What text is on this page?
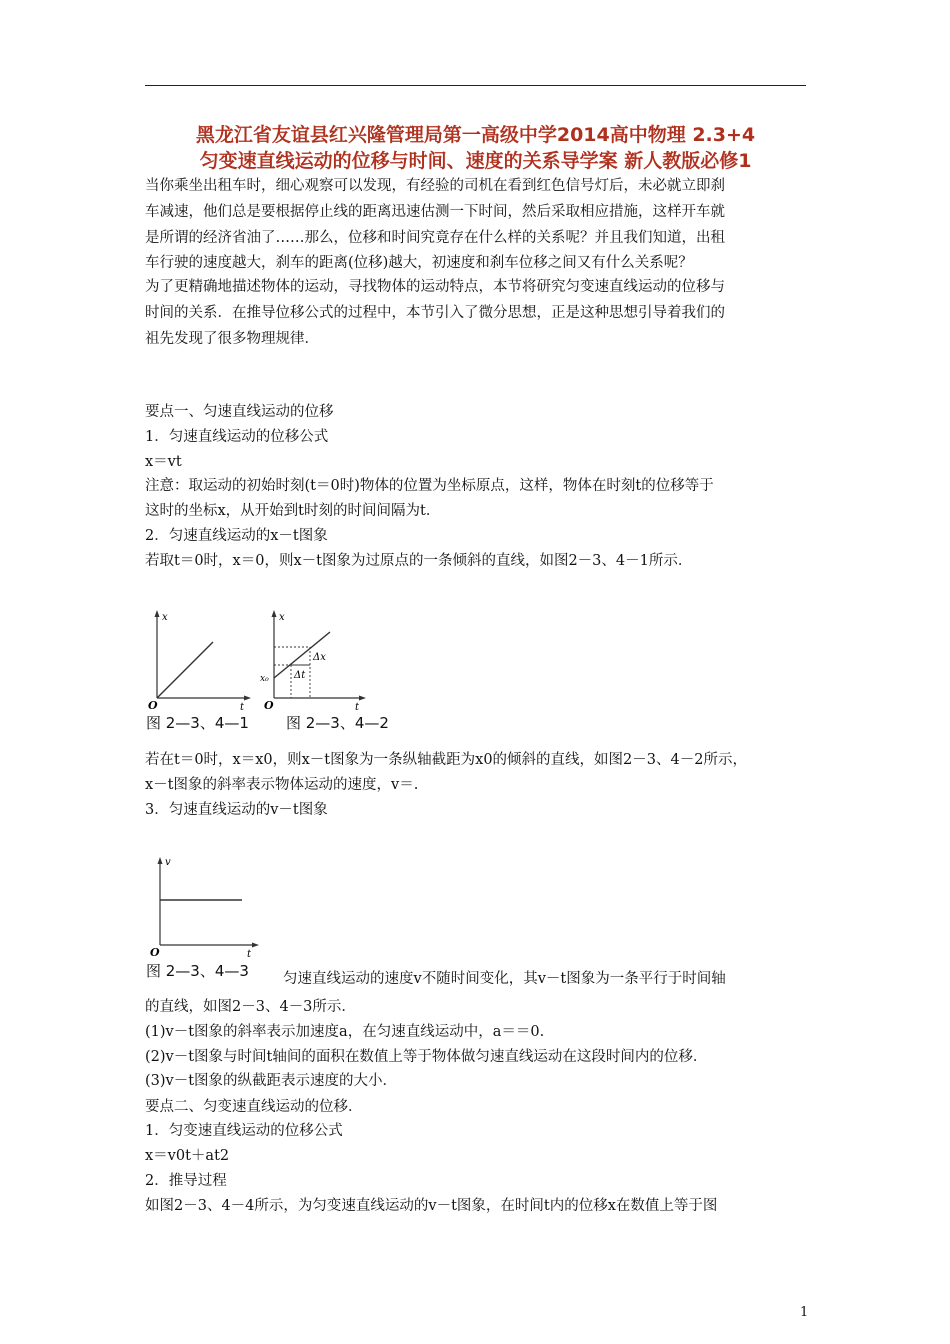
黑龙江省友谊县红兴隆管理局第一高级中学2014高中物理 2.3+4
匀变速直线运动的位移与时间、速度的关系导学案 新人教版必修1
当你乘坐出租车时，细心观察可以发现，有经验的司机在看到红色信号灯后，未必就立即刹
车减速，他们总是要根据停止线的距离迅速估测一下时间，然后采取相应措施，这样开车就
是所谓的经济省油了……那么，位移和时间究竟存在什么样的关系呢？并且我们知道，出租
车行驶的速度越大，刹车的距离(位移)越大，初速度和刹车位移之间又有什么关系呢？
为了更精确地描述物体的运动，寻找物体的运动特点，本节将研究匀变速直线运动的位移与
时间的关系．在推导位移公式的过程中，本节引入了微分思想，正是这种思想引导着我们的
祖先发现了很多物理规律．
要点一、匀速直线运动的位移
1．匀速直线运动的位移公式
x＝vt
注意：取运动的初始时刻(t＝0时)物体的位置为坐标原点，这样，物体在时刻t的位移等于
这时的坐标x，从开始到t时刻的时间间隔为t．
2．匀速直线运动的x－t图象
若取t＝0时，x＝0，则x－t图象为过原点的一条倾斜的直线，如图2－3、4－1所示．
x
t
O
x
t
O
x₀
Δx
Δt
图 2—3、4—1 图 2—3、4—2
若在t＝0时，x＝x0，则x－t图象为一条纵轴截距为x0的倾斜的直线，如图2－3、4－2所示，
x－t图象的斜率表示物体运动的速度，v＝.
3．匀速直线运动的v－t图象
v
t
O
图 2—3、4—3 匀速直线运动的速度v不随时间变化，其v－t图象为一条平行于时间轴
的直线，如图2－3、4－3所示．
(1)v－t图象的斜率表示加速度a，在匀速直线运动中，a＝＝0.
(2)v－t图象与时间t轴间的面积在数值上等于物体做匀速直线运动在这段时间内的位移．
(3)v－t图象的纵截距表示速度的大小．
要点二、匀变速直线运动的位移．
1．匀变速直线运动的位移公式
x＝v0t＋at2
2．推导过程
如图2－3、4－4所示，为匀变速直线运动的v－t图象，在时间t内的位移x在数值上等于图
1
